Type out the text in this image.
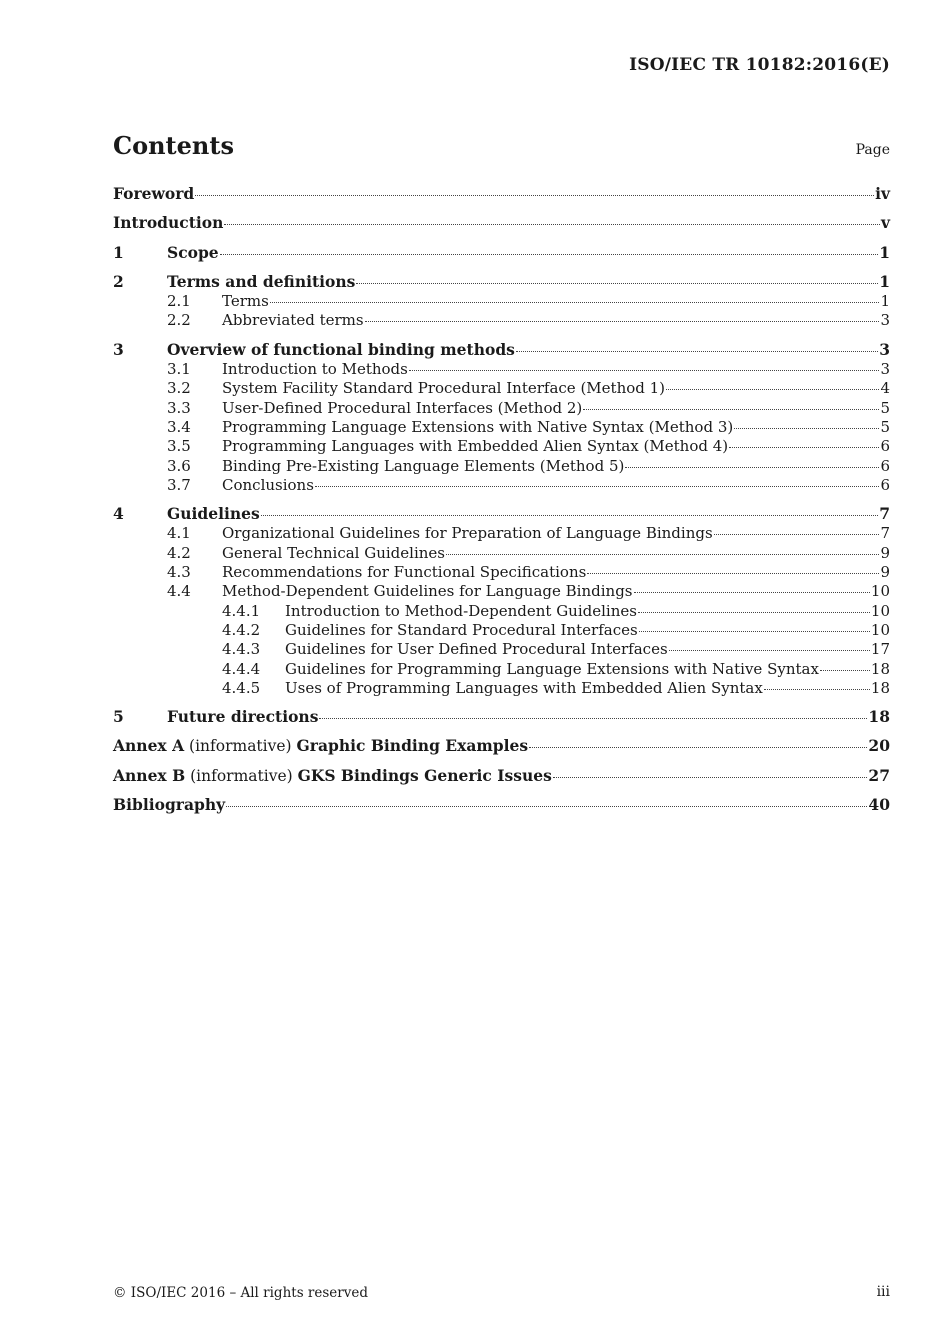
ISO/IEC TR 10182:2016(E)
Contents	Page
Foreword	iv
Introduction	v
1	Scope	1
2	Terms and definitions	1
2.1	Terms	1
2.2	Abbreviated terms	3
3	Overview of functional binding methods	3
3.1	Introduction to Methods	3
3.2	System Facility Standard Procedural Interface (Method 1)	4
3.3	User-Defined Procedural Interfaces (Method 2)	5
3.4	Programming Language Extensions with Native Syntax (Method 3)	5
3.5	Programming Languages with Embedded Alien Syntax (Method 4)	6
3.6	Binding Pre-Existing Language Elements (Method 5)	6
3.7	Conclusions	6
4	Guidelines	7
4.1	Organizational Guidelines for Preparation of Language Bindings	7
4.2	General Technical Guidelines	9
4.3	Recommendations for Functional Specifications	9
4.4	Method-Dependent Guidelines for Language Bindings	10
4.4.1	Introduction to Method-Dependent Guidelines	10
4.4.2	Guidelines for Standard Procedural Interfaces	10
4.4.3	Guidelines for User Defined Procedural Interfaces	17
4.4.4	Guidelines for Programming Language Extensions with Native Syntax	18
4.4.5	Uses of Programming Languages with Embedded Alien Syntax	18
5	Future directions	18
Annex A (informative) Graphic Binding Examples	20
Annex B (informative) GKS Bindings Generic Issues	27
Bibliography	40
© ISO/IEC 2016 – All rights reserved	iii
